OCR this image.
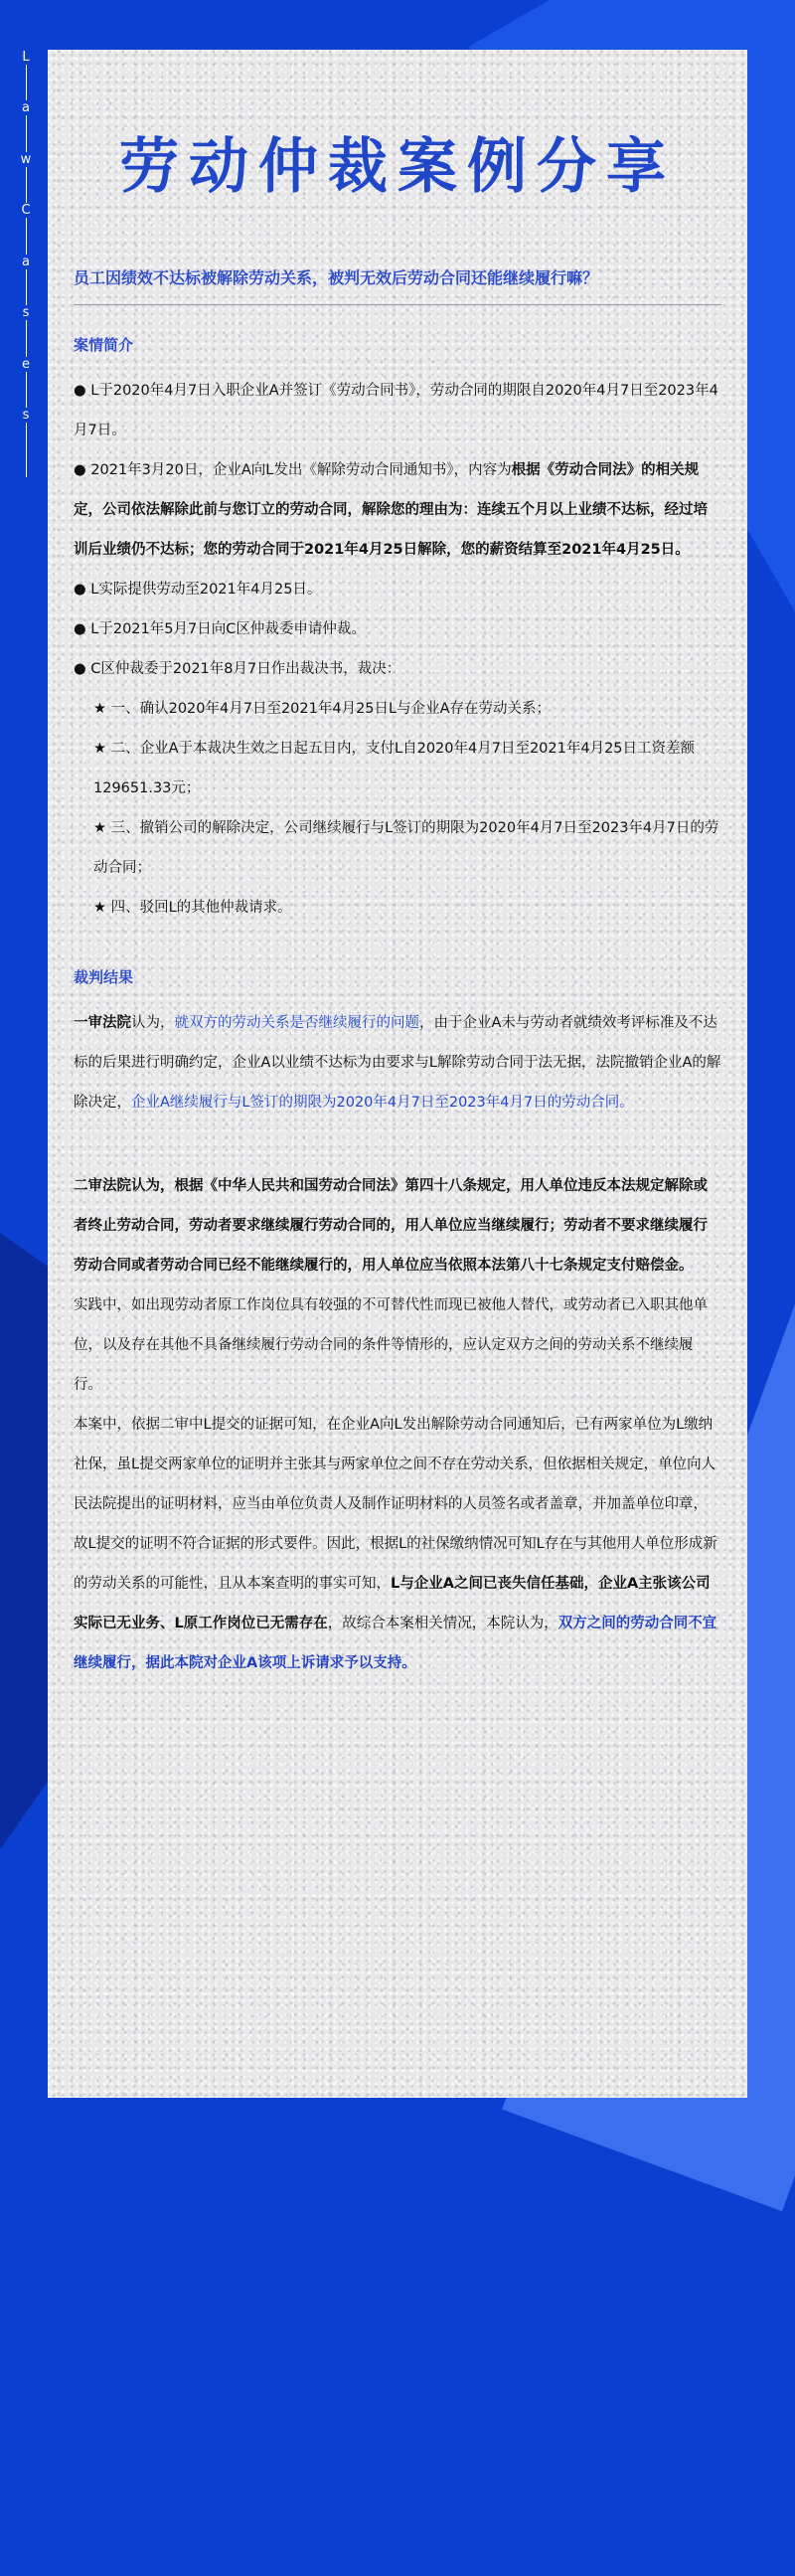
L
a
w
C
a
s
e
s
劳动仲裁案例分享
员工因绩效不达标被解除劳动关系，被判无效后劳动合同还能继续履行嘛？
案情简介

● L于2020年4月7日入职企业A并签订《劳动合同书》，劳动合同的期限自2020年4月7日至2023年4月7日。

● 2021年3月20日，企业A向L发出《解除劳动合同通知书》，内容为根据《劳动合同法》的相关规定，公司依法解除此前与您订立的劳动合同，解除您的理由为：连续五个月以上业绩不达标，经过培训后业绩仍不达标；您的劳动合同于2021年4月25日解除，您的薪资结算至2021年4月25日。

● L实际提供劳动至2021年4月25日。

● L于2021年5月7日向C区仲裁委申请仲裁。

● C区仲裁委于2021年8月7日作出裁决书，裁决：

★ 一、确认2020年4月7日至2021年4月25日L与企业A存在劳动关系；

★ 二、企业A于本裁决生效之日起五日内，支付L自2020年4月7日至2021年4月25日工资差额129651.33元；

★ 三、撤销公司的解除决定，公司继续履行与L签订的期限为2020年4月7日至2023年4月7日的劳动合同；

★ 四、驳回L的其他仲裁请求。

裁判结果

一审法院认为，就双方的劳动关系是否继续履行的问题，由于企业A未与劳动者就绩效考评标准及不达标的后果进行明确约定，企业A以业绩不达标为由要求与L解除劳动合同于法无据，法院撤销企业A的解除决定，企业A继续履行与L签订的期限为2020年4月7日至2023年4月7日的劳动合同。

二审法院认为，根据《中华人民共和国劳动合同法》第四十八条规定，用人单位违反本法规定解除或者终止劳动合同，劳动者要求继续履行劳动合同的，用人单位应当继续履行；劳动者不要求继续履行劳动合同或者劳动合同已经不能继续履行的，用人单位应当依照本法第八十七条规定支付赔偿金。

实践中，如出现劳动者原工作岗位具有较强的不可替代性而现已被他人替代，或劳动者已入职其他单位，以及存在其他不具备继续履行劳动合同的条件等情形的，应认定双方之间的劳动关系不继续履行。

本案中，依据二审中L提交的证据可知，在企业A向L发出解除劳动合同通知后，已有两家单位为L缴纳社保，虽L提交两家单位的证明并主张其与两家单位之间不存在劳动关系，但依据相关规定，单位向人民法院提出的证明材料，应当由单位负责人及制作证明材料的人员签名或者盖章，并加盖单位印章，故L提交的证明不符合证据的形式要件。因此，根据L的社保缴纳情况可知L存在与其他用人单位形成新的劳动关系的可能性，且从本案查明的事实可知，L与企业A之间已丧失信任基础，企业A主张该公司实际已无业务、L原工作岗位已无需存在，故综合本案相关情况，本院认为，双方之间的劳动合同不宜继续履行，据此本院对企业A该项上诉请求予以支持。
